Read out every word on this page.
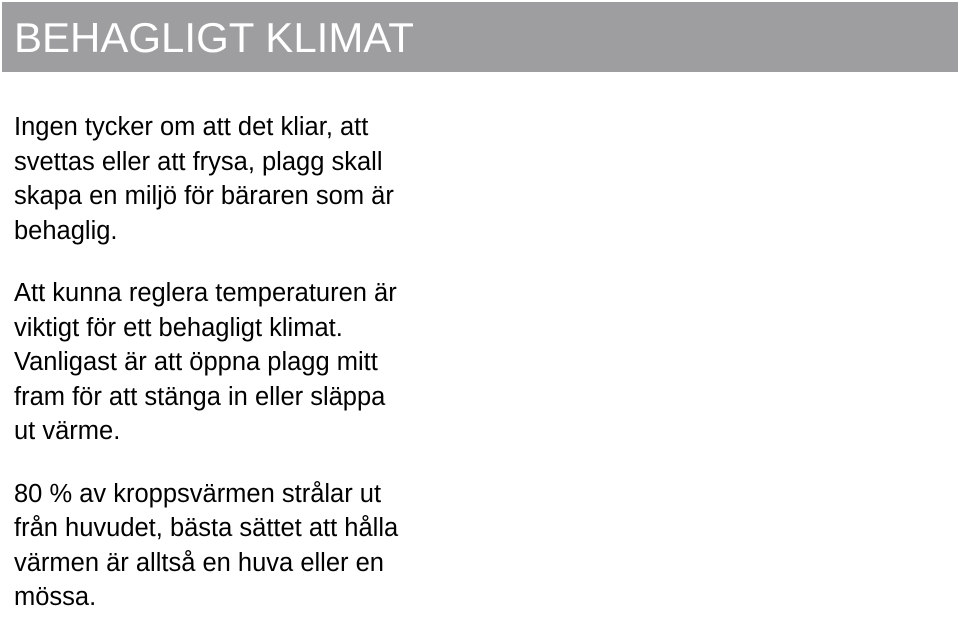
BEHAGLIGT KLIMAT

Ingen tycker om att det kliar, att
svettas eller att frysa, plagg skall
skapa en miljö för bäraren som är
behaglig.

Att kunna reglera temperaturen är
viktigt för ett behagligt klimat.
Vanligast är att öppna plagg mitt
fram för att stänga in eller släppa
ut värme.

80 % av kroppsvärmen strålar ut
från huvudet, bästa sättet att hålla
värmen är alltså en huva eller en
mössa.
